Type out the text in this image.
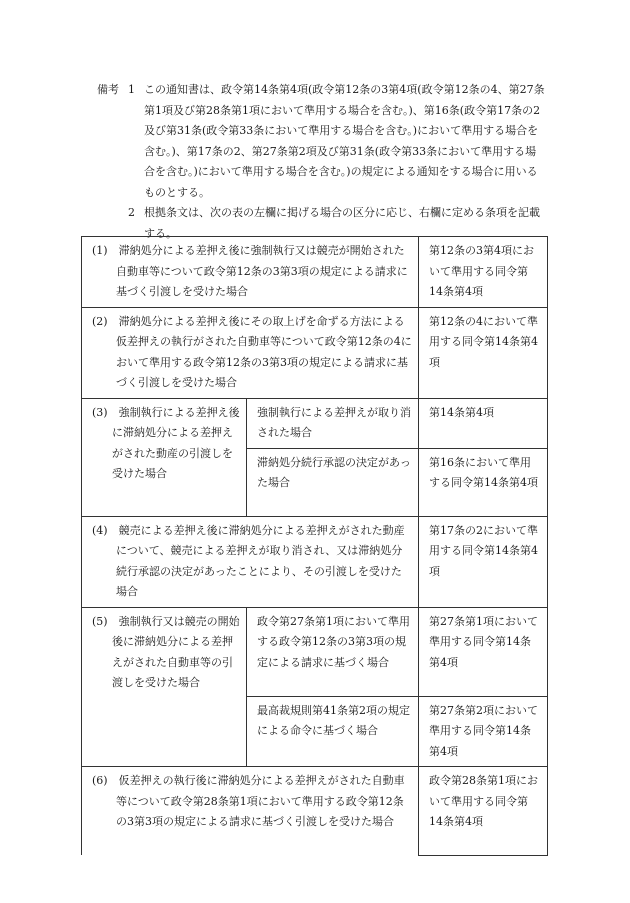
備考 1 この通知書は、政令第14条第4項(政令第12条の3第4項(政令第12条の4、第27条第1項及び第28条第1項において準用する場合を含む。)、第16条(政令第17条の2及び第31条(政令第33条において準用する場合を含む。)において準用する場合を含む。)、第17条の2、第27条第2項及び第31条(政令第33条において準用する場合を含む。)において準用する場合を含む。)の規定による通知をする場合に用いるものとする。
2 根拠条文は、次の表の左欄に掲げる場合の区分に応じ、右欄に定める条項を記載する。
(1)　滞納処分による差押え後に強制執行又は競売が開始された自動車等について政令第12条の3第3項の規定による請求に基づく引渡しを受けた場合		第12条の3第4項において準用する同令第14条第4項

(2)　滞納処分による差押え後にその取上げを命ずる方法による仮差押えの執行がされた自動車等について政令第12条の4において準用する政令第12条の3第3項の規定による請求に基づく引渡しを受けた場合		第12条の4において準用する同令第14条第4項

(3)　強制執行による差押え後に滞納処分による差押えがされた動産の引渡しを受けた場合	強制執行による差押えが取り消された場合	第14条第4項
	滞納処分続行承認の決定があった場合	第16条において準用する同令第14条第4項

(4)　競売による差押え後に滞納処分による差押えがされた動産について、競売による差押えが取り消され、又は滞納処分続行承認の決定があったことにより、その引渡しを受けた場合		第17条の2において準用する同令第14条第4項

(5)　強制執行又は競売の開始後に滞納処分による差押えがされた自動車等の引渡しを受けた場合	政令第27条第1項において準用する政令第12条の3第3項の規定による請求に基づく場合	第27条第1項において準用する同令第14条第4項
	最高裁規則第41条第2項の規定による命令に基づく場合	第27条第2項において準用する同令第14条第4項

(6)　仮差押えの執行後に滞納処分による差押えがされた自動車等について政令第28条第1項において準用する政令第12条の3第3項の規定による請求に基づく引渡しを受けた場合		政令第28条第1項において準用する同令第14条第4項
